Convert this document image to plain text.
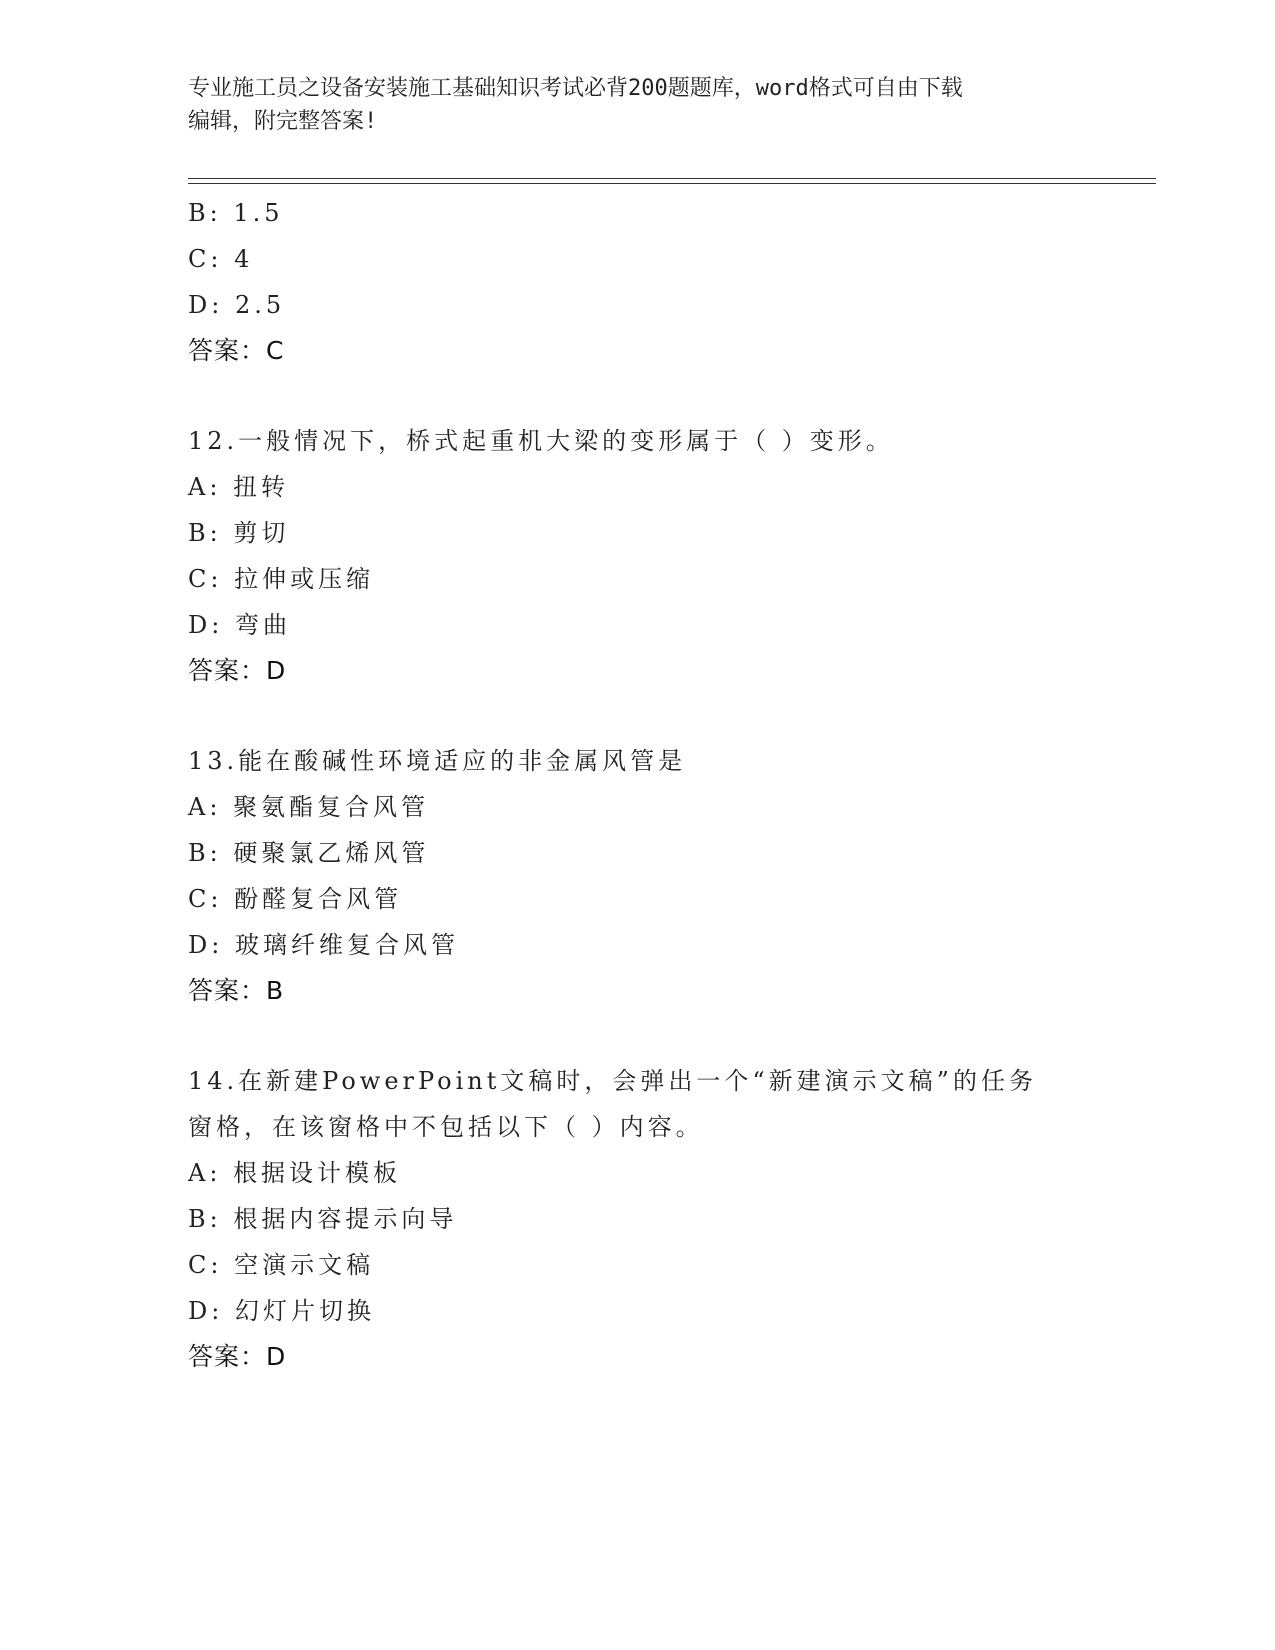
专业施工员之设备安装施工基础知识考试必背200题题库，word格式可自由下载
编辑，附完整答案!
B: 1.5
C: 4
D: 2.5
答案：C
12.一般情况下，桥式起重机大梁的变形属于（ ）变形。
A: 扭转
B: 剪切
C: 拉伸或压缩
D: 弯曲
答案：D
13.能在酸碱性环境适应的非金属风管是
A: 聚氨酯复合风管
B: 硬聚氯乙烯风管
C: 酚醛复合风管
D: 玻璃纤维复合风管
答案：B
14.在新建PowerPoint文稿时，会弹出一个“新建演示文稿”的任务
窗格，在该窗格中不包括以下（ ）内容。
A: 根据设计模板
B: 根据内容提示向导
C: 空演示文稿
D: 幻灯片切换
答案：D
